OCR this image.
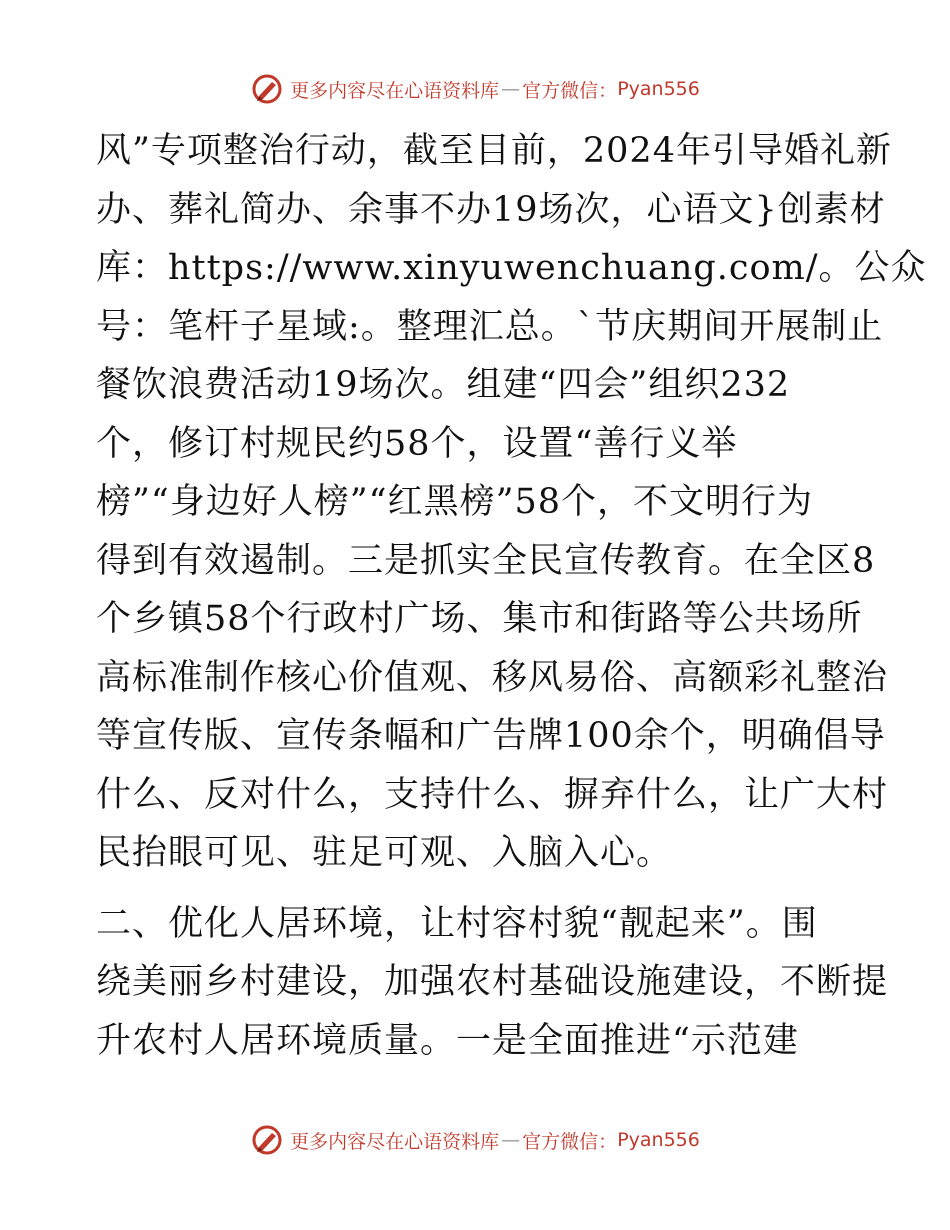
更多内容尽在心语资料库 — 官方微信： Pyan556
风”专项整治行动，截至目前，2024年引导婚礼新
办、葬礼简办、余事不办19场次，心语文}创素材
库：https://www.xinyuwenchuang.com/。公众
号：笔杆子星域:。整理汇总。`节庆期间开展制止
餐饮浪费活动19场次。组建“四会”组织232
个，修订村规民约58个，设置“善行义举
榜”“身边好人榜”“红黑榜”58个，不文明行为
得到有效遏制。三是抓实全民宣传教育。在全区8
个乡镇58个行政村广场、集市和街路等公共场所
高标准制作核心价值观、移风易俗、高额彩礼整治
等宣传版、宣传条幅和广告牌100余个，明确倡导
什么、反对什么，支持什么、摒弃什么，让广大村
民抬眼可见、驻足可观、入脑入心。
二、优化人居环境，让村容村貌“靓起来”。围
绕美丽乡村建设，加强农村基础设施建设，不断提
升农村人居环境质量。一是全面推进“示范建
更多内容尽在心语资料库 — 官方微信： Pyan556
